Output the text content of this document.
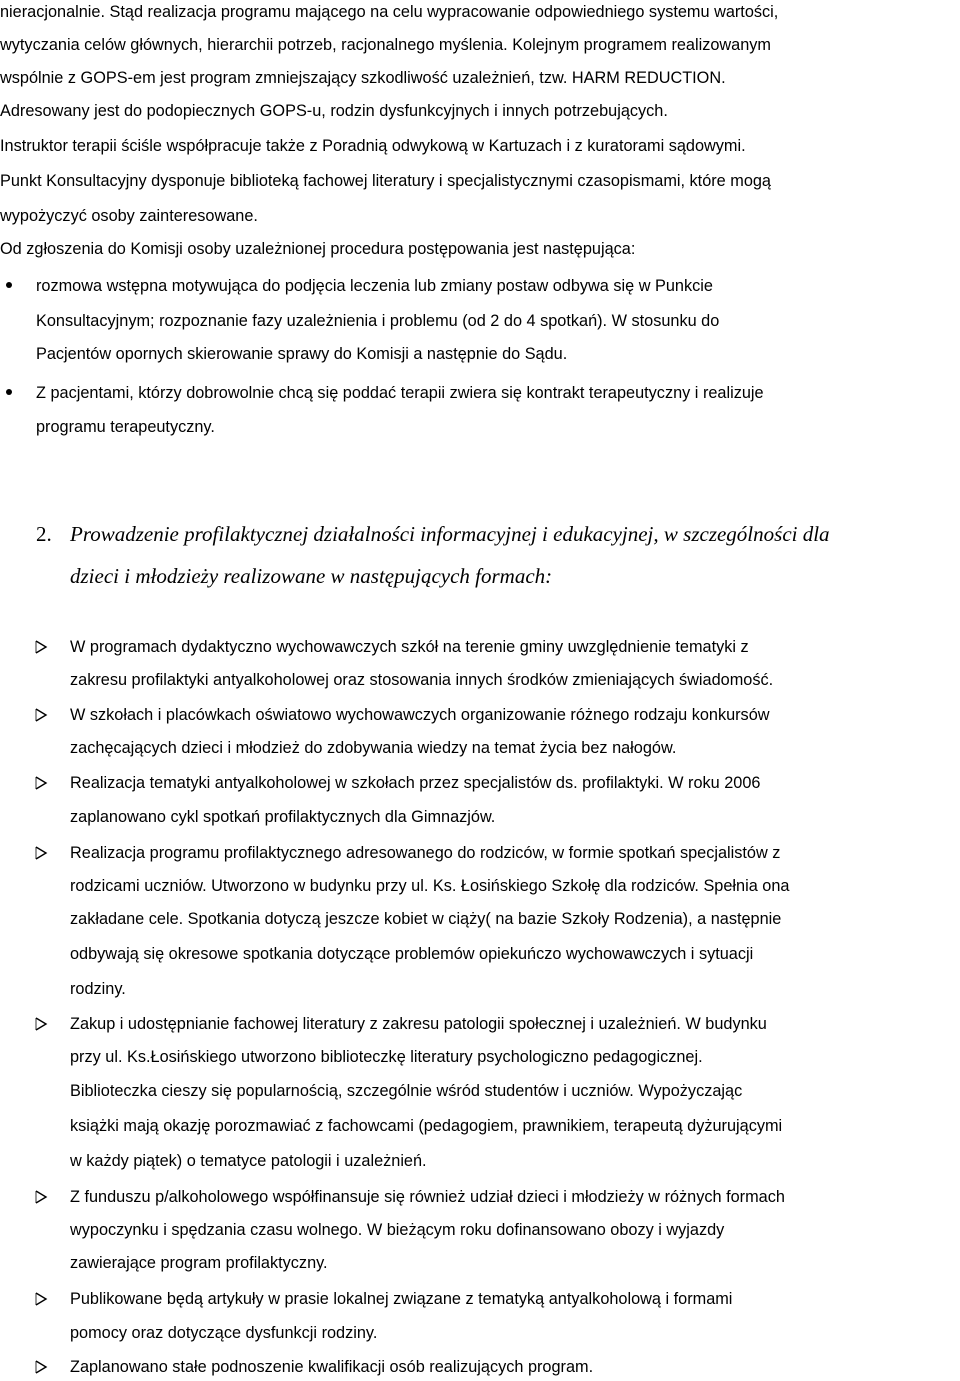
nieracjonalnie. Stąd realizacja programu mającego na celu wypracowanie odpowiedniego systemu wartości,
wytyczania celów głównych, hierarchii potrzeb, racjonalnego myślenia. Kolejnym programem realizowanym
wspólnie z GOPS-em jest program zmniejszający szkodliwość uzależnień, tzw. HARM REDUCTION.
Adresowany jest do podopiecznych GOPS-u, rodzin dysfunkcyjnych i innych potrzebujących.
Instruktor terapii ściśle współpracuje także z Poradnią odwykową w Kartuzach i z kuratorami sądowymi.
Punkt Konsultacyjny dysponuje biblioteką fachowej literatury i specjalistycznymi czasopismami, które mogą
wypożyczyć osoby zainteresowane.
Od zgłoszenia do Komisji osoby uzależnionej procedura postępowania jest następująca:
rozmowa wstępna motywująca do podjęcia leczenia lub zmiany postaw odbywa się w Punkcie
Konsultacyjnym; rozpoznanie fazy uzależnienia i problemu (od 2 do 4 spotkań). W stosunku do
Pacjentów opornych skierowanie sprawy do Komisji a następnie do Sądu.
Z pacjentami, którzy dobrowolnie chcą się poddać terapii zwiera się kontrakt terapeutyczny i realizuje
programu terapeutyczny.
2. Prowadzenie profilaktycznej działalności informacyjnej i edukacyjnej, w szczególności dla
dzieci i młodzieży realizowane w następujących formach:
W programach dydaktyczno wychowawczych szkół na terenie gminy uwzględnienie tematyki z
zakresu profilaktyki antyalkoholowej oraz stosowania innych środków zmieniających świadomość.
W szkołach i placówkach oświatowo wychowawczych organizowanie różnego rodzaju konkursów
zachęcających dzieci i młodzież do zdobywania wiedzy na temat życia bez nałogów.
Realizacja tematyki antyalkoholowej w szkołach przez specjalistów ds. profilaktyki. W roku 2006
zaplanowano cykl spotkań profilaktycznych dla Gimnazjów.
Realizacja programu profilaktycznego adresowanego do rodziców, w formie spotkań specjalistów z
rodzicami uczniów. Utworzono w budynku przy ul. Ks. Łosińskiego Szkołę dla rodziców. Spełnia ona
zakładane cele. Spotkania dotyczą jeszcze kobiet w ciąży( na bazie Szkoły Rodzenia), a następnie
odbywają się okresowe spotkania dotyczące problemów opiekuńczo wychowawczych i sytuacji
rodziny.
Zakup i udostępnianie fachowej literatury z zakresu patologii społecznej i uzależnień. W budynku
przy ul. Ks.Łosińskiego utworzono biblioteczkę literatury psychologiczno pedagogicznej.
Biblioteczka cieszy się popularnością, szczególnie wśród studentów i uczniów. Wypożyczając
książki mają okazję porozmawiać z fachowcami (pedagogiem, prawnikiem, terapeutą dyżurującymi
w każdy piątek) o tematyce patologii i uzależnień.
Z funduszu p/alkoholowego współfinansuje się również udział dzieci i młodzieży w różnych formach
wypoczynku i spędzania czasu wolnego. W bieżącym roku dofinansowano obozy i wyjazdy
zawierające program profilaktyczny.
Publikowane będą artykuły w prasie lokalnej związane z tematyką antyalkoholową i formami
pomocy oraz dotyczące dysfunkcji rodziny.
Zaplanowano stałe podnoszenie kwalifikacji osób realizujących program.
